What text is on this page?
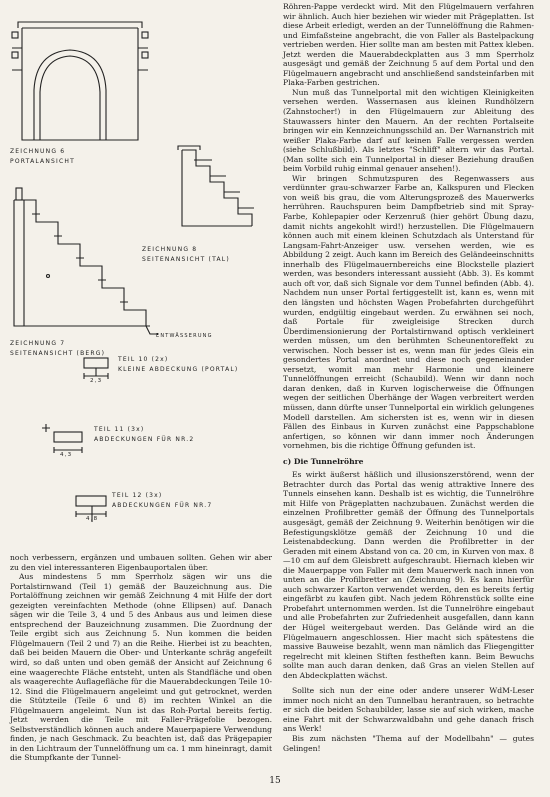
ZEICHNUNG 6
PORTALANSICHT
ZEICHNUNG 8
SEITENANSICHT (TAL)
ENTWÄSSERUNG
ZEICHNUNG 7
SEITENANSICHT (BERG)
TEIL 10 (2x)
KLEINE ABDECKUNG (PORTAL)
2,3
TEIL 11 (3x)
ABDECKUNGEN FÜR NR.2
4,3
TEIL 12 (3x)
ABDECKUNGEN FÜR NR.7
4,8

Röhren-Pappe verdeckt wird. Mit den Flügelmauern verfahren wir ähnlich. Auch hier beziehen wir wieder mit Prägeplatten. Ist diese Arbeit erledigt, werden an der Tunnelöffnung die Rahmen- und Eimfaßsteine angebracht, die von Faller als Bastelpackung vertrieben werden. Hier sollte man am besten mit Pattex kleben. Jetzt werden die Mauerabdeckplatten aus 3 mm Sperrholz ausgesägt und gemäß der Zeichnung 5 auf dem Portal und den Flügelmauern angebracht und anschließend sandsteinfarben mit Plaka-Farben gestrichen.

Nun muß das Tunnelportal mit den wichtigen Kleinigkeiten versehen werden. Wassernasen aus kleinen Rundhölzern (Zahnstocher!) in den Flügelmauern zur Ableitung des Stauwassers hinter den Mauern. An der rechten Portalseite bringen wir ein Kennzeichnungsschild an. Der Warnanstrich mit weißer Plaka-Farbe darf auf keinen Falle vergessen werden (siehe Schlußbild). Als letztes "Schliff" altern wir das Portal. (Man sollte sich ein Tunnelportal in dieser Beziehung draußen beim Vorbild ruhig einmal genauer ansehen!).

Wir bringen Schmutzspuren des Regenwassers aus verdünnter grau-schwarzer Farbe an, Kalkspuren und Flecken von weiß bis grau, die vom Alterungsprozeß des Mauerwerks herrühren. Rauchspuren beim Dampfbetrieb sind mit Spray-Farbe, Kohlepapier oder Kerzenruß (hier gehört Übung dazu, damit nichts angekohlt wird!) herzustellen. Die Flügelmauern können auch mit einem kleinen Schutzdach als Unterstand für Langsam-Fahrt-Anzeiger usw. versehen werden, wie es Abbildung 2 zeigt. Auch kann im Bereich des Geländeeinschnitts innerhalb des Flügelmauernbereichs eine Blockstelle plaziert werden, was besonders interessant aussieht (Abb. 3). Es kommt auch oft vor, daß sich Signale vor dem Tunnel befinden (Abb. 4). Nachdem nun unser Portal fertiggestellt ist, kann es, wenn mit den längsten und höchsten Wagen Probefahrten durchgeführt wurden, endgültig eingebaut werden. Zu erwähnen sei noch, daß Portale für zweigleisige Strecken durch Überdimensionierung der Portalstirnwand optisch verkleinert werden müssen, um den berühmten Scheunentoreffekt zu verwischen. Noch besser ist es, wenn man für jedes Gleis ein gesondertes Portal anordnet und diese noch gegeneinander versetzt, womit man mehr Harmonie und kleinere Tunnelöffnungen erreicht (Schaubild). Wenn wir dann noch daran denken, daß in Kurven logischerweise die Öffnungen wegen der seitlichen Überhänge der Wagen verbreitert werden müssen, dann dürfte unser Tunnelportal ein wirklich gelungenes Modell darstellen. Am sichersten ist es, wenn wir in diesen Fällen des Einbaus in Kurven zunächst eine Pappschablone anfertigen, so können wir dann immer noch Änderungen vornehmen, bis die richtige Öffnung gefunden ist.

c) Die Tunnelröhre

Es wirkt äußerst häßlich und illusionszerstörend, wenn der Betrachter durch das Portal das wenig attraktive Innere des Tunnels einsehen kann. Deshalb ist es wichtig, die Tunnelröhre mit Hilfe von Prägeplatten nachzubauen. Zunächst werden die einzelnen Profilbretter gemäß der Öffnung des Tunnelportals ausgesägt, gemäß der Zeichnung 9. Weiterhin benötigen wir die Befestigungsklötze gemäß der Zeichnung 10 und die Leistenabdeckung. Dann werden die Profilbretter in der Geraden mit einem Abstand von ca. 20 cm, in Kurven von max. 8—10 cm auf dem Gleisbrett aufgeschraubt. Hiernach kleben wir die Mauerpappe von Faller mit dem Mauerwerk nach innen von unten an die Profilbretter an (Zeichnung 9). Es kann hierfür auch schwarzer Karton verwendet werden, den es bereits fertig eingefärbt zu kaufen gibt. Nach jedem Röhrenstück sollte eine Probefahrt unternommen werden. Ist die Tunnelröhre eingebaut und alle Probefahrten zur Zufriedenheit ausgefallen, dann kann der Hügel weitergebaut werden. Das Gelände wird an die Flügelmauern angeschlossen. Hier macht sich spätestens die massive Bauweise bezahlt, wenn man nämlich das Fliegengitter regelrecht mit kleinen Stiften festheften kann. Beim Bewuchs sollte man auch daran denken, daß Gras an vielen Stellen auf den Abdeckplatten wächst.

Sollte sich nun der eine oder andere unserer WdM-Leser immer noch nicht an den Tunnelbau herantrauen, so betrachte er sich die beiden Schaubilder, lasse sie auf sich wirken, mache eine Fahrt mit der Schwarzwaldbahn und gehe danach frisch ans Werk!

Bis zum nächsten "Thema auf der Modellbahn" — gutes Gelingen!

noch verbessern, ergänzen und umbauen sollten. Gehen wir aber zu den viel interessanteren Eigenbauportalen über.

Aus mindestens 5 mm Sperrholz sägen wir uns die Portalstirnwand (Teil 1) gemäß der Bauzeichnung aus. Die Portalöffnung zeichnen wir gemäß Zeichnung 4 mit Hilfe der dort gezeigten vereinfachten Methode (ohne Ellipsen) auf. Danach sägen wir die Teile 3, 4 und 5 des Anbaus aus und leimen diese entsprechend der Bauzeichnung zusammen. Die Zuordnung der Teile ergibt sich aus Zeichnung 5. Nun kommen die beiden Flügelmauern (Teil 2 und 7) an die Reihe. Hierbei ist zu beachten, daß bei beiden Mauern die Ober- und Unterkante schräg angefeilt wird, so daß unten und oben gemäß der Ansicht auf Zeichnung 6 eine waagerechte Fläche entsteht, unten als Standfläche und oben als waagerechte Auflagefläche für die Mauerabdeckungen Teile 10-12. Sind die Flügelmauern angeleimt und gut getrocknet, werden die Stützteile (Teile 6 und 8) im rechten Winkel an die Flügelmauern angeleimt. Nun ist das Roh-Portal bereits fertig. Jetzt werden die Teile mit Faller-Prägefolie bezogen. Selbstverständlich können auch andere Mauerpapiere Verwendung finden, je nach Geschmack. Zu beachten ist, daß das Prägepapier in den Lichtraum der Tunnelöffnung um ca. 1 mm hineinragt, damit die Stumpfkante der Tunnel-

15
